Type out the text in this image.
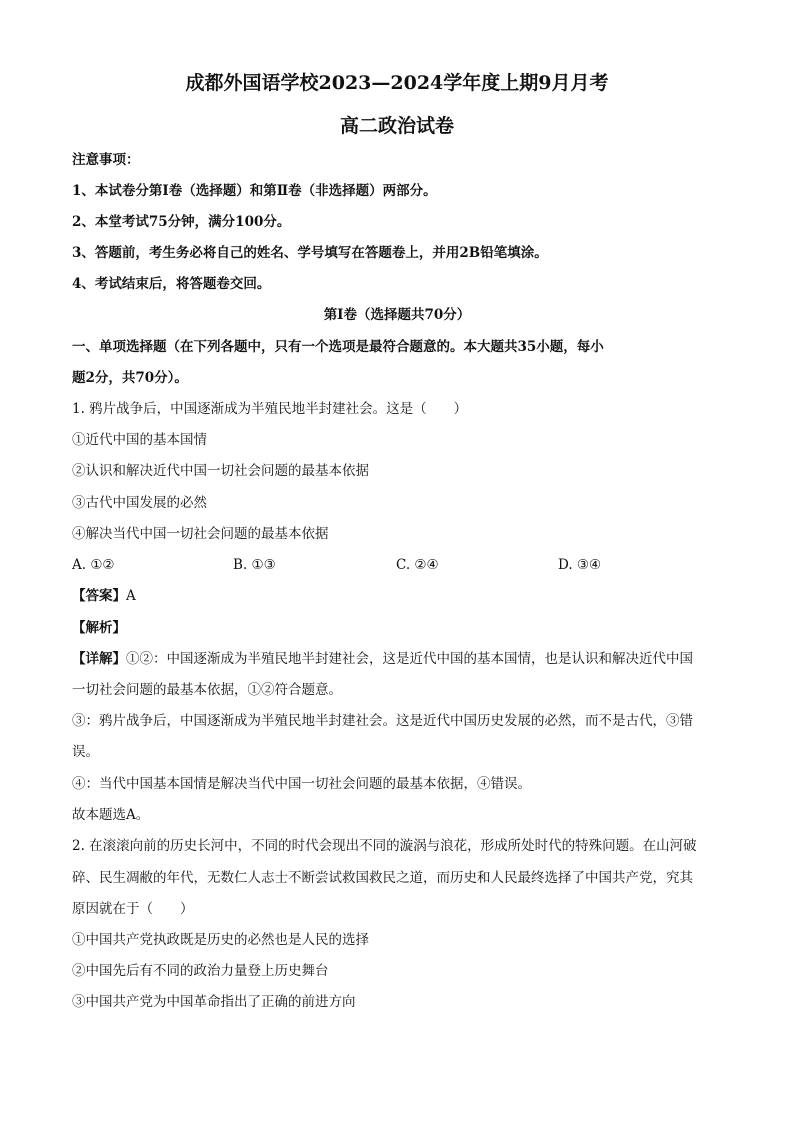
成都外国语学校2023—2024学年度上期9月月考
高二政治试卷
注意事项：
1、本试卷分第Ⅰ卷（选择题）和第Ⅱ卷（非选择题）两部分。
2、本堂考试75分钟，满分100分。
3、答题前，考生务必将自己的姓名、学号填写在答题卷上，并用2B铅笔填涂。
4、考试结束后，将答题卷交回。
第Ⅰ卷（选择题共70分）
一、单项选择题（在下列各题中，只有一个选项是最符合题意的。本大题共35小题，每小
题2分，共70分）。
1. 鸦片战争后，中国逐渐成为半殖民地半封建社会。这是（　　）
①近代中国的基本国情
②认识和解决近代中国一切社会问题的最基本依据
③古代中国发展的必然
④解决当代中国一切社会问题的最基本依据
A. ①②	B. ①③	C. ②④	D. ③④
【答案】A
【解析】
【详解】①②：中国逐渐成为半殖民地半封建社会，这是近代中国的基本国情，也是认识和解决近代中国
一切社会问题的最基本依据，①②符合题意。
③：鸦片战争后，中国逐渐成为半殖民地半封建社会。这是近代中国历史发展的必然，而不是古代，③错
误。
④：当代中国基本国情是解决当代中国一切社会问题的最基本依据，④错误。
故本题选A。
2. 在滚滚向前的历史长河中，不同的时代会现出不同的漩涡与浪花，形成所处时代的特殊问题。在山河破
碎、民生凋敝的年代，无数仁人志士不断尝试救国救民之道，而历史和人民最终选择了中国共产党，究其
原因就在于（　　）
①中国共产党执政既是历史的必然也是人民的选择
②中国先后有不同的政治力量登上历史舞台
③中国共产党为中国革命指出了正确的前进方向
